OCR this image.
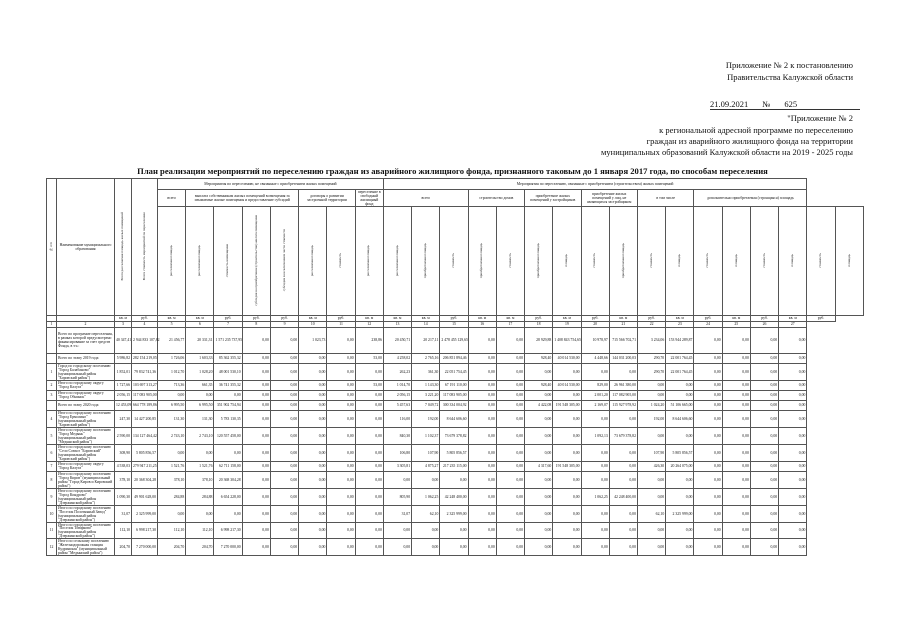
Приложение № 2 к постановлению
Правительства Калужской области
21.09.2021 № 625
"Приложение № 2
к региональной адресной программе по переселению
граждан из аварийного жилищного фонда на территории
муниципальных образований Калужской области на 2019 - 2025 годы
План реализации мероприятий по переселению граждан из аварийного жилищного фонда, признанного таковым до 1 января 2017 года, по способам переселения
№ п/п	Наименование муниципального образования	Всего расселяемая площадь жилых помещений	Всего стоимость мероприятий по переселению	Мероприятия по переселению, не связанные с приобретением жилых помещений								Мероприятия по переселению, связанные с приобретением (строительством) жилых помещений																
				всего	выплата собственникам жилых помещений возмещения за изымаемые жилые помещения и предоставление субсидий				договоры о развитии застроенной территории		переселение в свободный жилищный фонд	всего			строительство домов		приобретение жилых помещений у застройщиков		приобретение жилых помещений у лиц, не являющихся застройщиком		в том числе		дополнительно приобретаемая (строящаяся) площадь					
				расселяемая площадь	расселяемая площадь	стоимость возмещения	субсидия на приобретение (строительство) жилого помещения	субсидия за исключением части стоимости	расселяемая площадь	стоимость	расселяемая площадь	расселяемая площадь	приобретаемая площадь	стоимость	приобретаемая площадь	стоимость	приобретаемая площадь	площадь	стоимость	приобретаемая площадь	стоимость	площадь	стоимость	площадь	стоимость	площадь	стоимость	площадь
		кв. м	руб.	кв. м	кв. м	руб.	руб.	руб.	кв. м	руб.	кв. м	кв. м	кв. м	руб.	кв. м	кв. м	руб.	кв. м	руб.	кв. м	руб.	кв. м	руб.	кв. м	руб.	кв. м	руб.	
1	2	3	4	5	6	7	8	9	10	11	12	13	14	15	16	17	18	19	20	21	22	23	24	25	26	27		
	Всего по программе переселения, в рамках которой предусмотрено финансирование за счет средств Фонда, в т.ч.:	40 347,41	2 944 833 107,82	21 456,77	20 331,31	1 571 235 737,95	0,00	0,00	1 023,73	0,00	238,86	20 450,71	20 217,11	2 478 455 129,65	0,00	0,00	28 929,88	1 408 843 754,65	10 978,97	715 566 702,71	3 234,06	153 944 289,87	0,00	0,00	0,00	0,00		
	Всего по этапу 2019 года	5 986,82	282 154 219,05	1 726,06	1 603,33	85 362 355,32	0,00	0,00	0,00	0,00	53,00	4 258,02	2 765,16	206 851 894,46	0,00	0,00	928,40	40 014 530,00	4 448,66	144 031 200,03	290,70	22 001 764,45	0,00	0,00	0,00	0,00		
1	Город по городскому поселению "Город Балабаново" (муниципальный район "Боровский район")	1 852,01	79 832 741,36	1 012,70	1 028,20	48 001 530,10	0,00	0,00	0,00	0,00	0,00	262,23	361,30	22 051 754,45	0,00	0,00	0,00	0,00	0,00	0,00	290,70	22 001 764,45	0,00	0,00	0,00	0,00		
2	Итого по городскому округу "Город Калуга"	1 727,66	103 697 313,27	713,36	661,35	36 741 355,32	0,00	0,00	0,00	0,00	53,00	1 014,70	1 143,30	67 191 110,00	0,00	0,00	928,40	40 014 530,00	829,00	26 961 380,00	0,00	0,00	0,00	0,00	0,00	0,00		
3	Итого по городскому округу "Город Обнинск"	2 056,15	117 083 905,00	0,00	0,00	0,00	0,00	0,00	0,00	0,00	0,00	2 056,15	3 221,20	117 083 905,00	0,00	0,00	0,00	0,00	2 001,20	117 082 905,00	0,00	0,00	0,00	0,00	0,00	0,00		
	Всего по этапу 2020 года	12 453,09	664 778 189,86	6 995,50	6 995,50	351 902 754,94	0,00	0,00	0,00	0,00	0,00	5 457,63	7 049,72	300 334 004,92	0,00	0,00	4 422,08	191 548 305,00	2 169,07	115 927 978,92	1 024,20	51 106 665,00	0,00	0,00	0,00	0,00		
4	Итого по городскому поселению "Город Ермолино" (муниципальный район "Боровский район")	247,30	14 427 200,85	131,30	131,30	5 783 130,35	0,00	0,00	0,00	0,00	0,00	116,00	192,00	8 644 606,60	0,00	0,00	0,00	0,00	0,00	0,00	192,00	8 644 606,60	0,00	0,00	0,00	0,00		
5	Итого по городскому поселению "Город Медынь" (муниципальный район "Медынский район")	2 590,00	134 127 464,42	2 743,10	2 743,10	120 557 458,00	0,00	0,00	0,00	0,00	0,00	840,30	1 102,37	73 679 378,82	0,00	0,00	0,00	0,00	1 092,13	73 679 378,82	0,00	0,00	0,00	0,00	0,00	0,00		
6	Итого по городскому поселению "Село Совхоз "Боровский" (муниципальный район "Боровский район")	308,90	5 805 856,57	0,00	0,00	0,00	0,00	0,00	0,00	0,00	0,00	106,80	107,90	5 805 856,57	0,00	0,00	0,00	0,00	0,00	0,00	107,90	5 805 856,57	0,00	0,00	0,00	0,00		
7	Итого по городскому округу "Город Калуга"	4 538,03	279 947 211,25	1 521,76	1 521,76	62 711 158,00	0,00	0,00	0,00	0,00	0,00	3 305,81	4 875,27	217 235 115,00	0,00	0,00	4 317,60	191 548 305,00	0,00	0,00	426,30	20 264 075,00	0,00	0,00	0,00	0,00		
8	Итого по городскому поселению "Город Киров" (муниципальный район "Город Киров и Кировский район")	378,10	20 368 304,28	378,10	378,10	20 368 304,28	0,00	0,00	0,00	0,00	0,00	0,00	0,00	0,00	0,00	0,00	0,00	0,00	0,00	0,00	0,00	0,00	0,00	0,00	0,00	0,00		
9	Итого по городскому поселению "Город Кондрово" (муниципальный район "Дзержинский район")	1 090,30	49 901 628,00	284,88	284,88	6 654 228,00	0,00	0,00	0,00	0,00	0,00	805,90	1 062,25	42 248 400,00	0,00	0,00	0,00	0,00	1 062,25	42 248 400,00	0,00	0,00	0,00	0,00	0,00	0,00		
10	Итого по городскому поселению "Поселок Полотняный Завод" (муниципальный район "Дзержинский район")	31,07	2 325 999,00	0,00	0,00	0,00	0,00	0,00	0,00	0,00	0,00	31,07	62,10	2 325 999,00	0,00	0,00	0,00	0,00	0,00	0,00	62,10	2 325 999,00	0,00	0,00	0,00	0,00		
11	Итого по городскому поселению "Поселок Товарково" (муниципальный район "Дзержинский район")	112,10	6 998 217,30	112,10	112,10	6 998 217,30	0,00	0,00	0,00	0,00	0,00	0,00	0,00	0,00	0,00	0,00	0,00	0,00	0,00	0,00	0,00	0,00	0,00	0,00	0,00	0,00		
12	Итого по сельскому поселению "Железнодорожная станция Кудринская" (муниципальный район "Медынский район")	204,70	7 270 000,00	204,70	204,70	7 270 000,00	0,00	0,00	0,00	0,00	0,00	0,00	0,00	0,00	0,00	0,00	0,00	0,00	0,00	0,00	0,00	0,00	0,00	0,00	0,00	0,00		
